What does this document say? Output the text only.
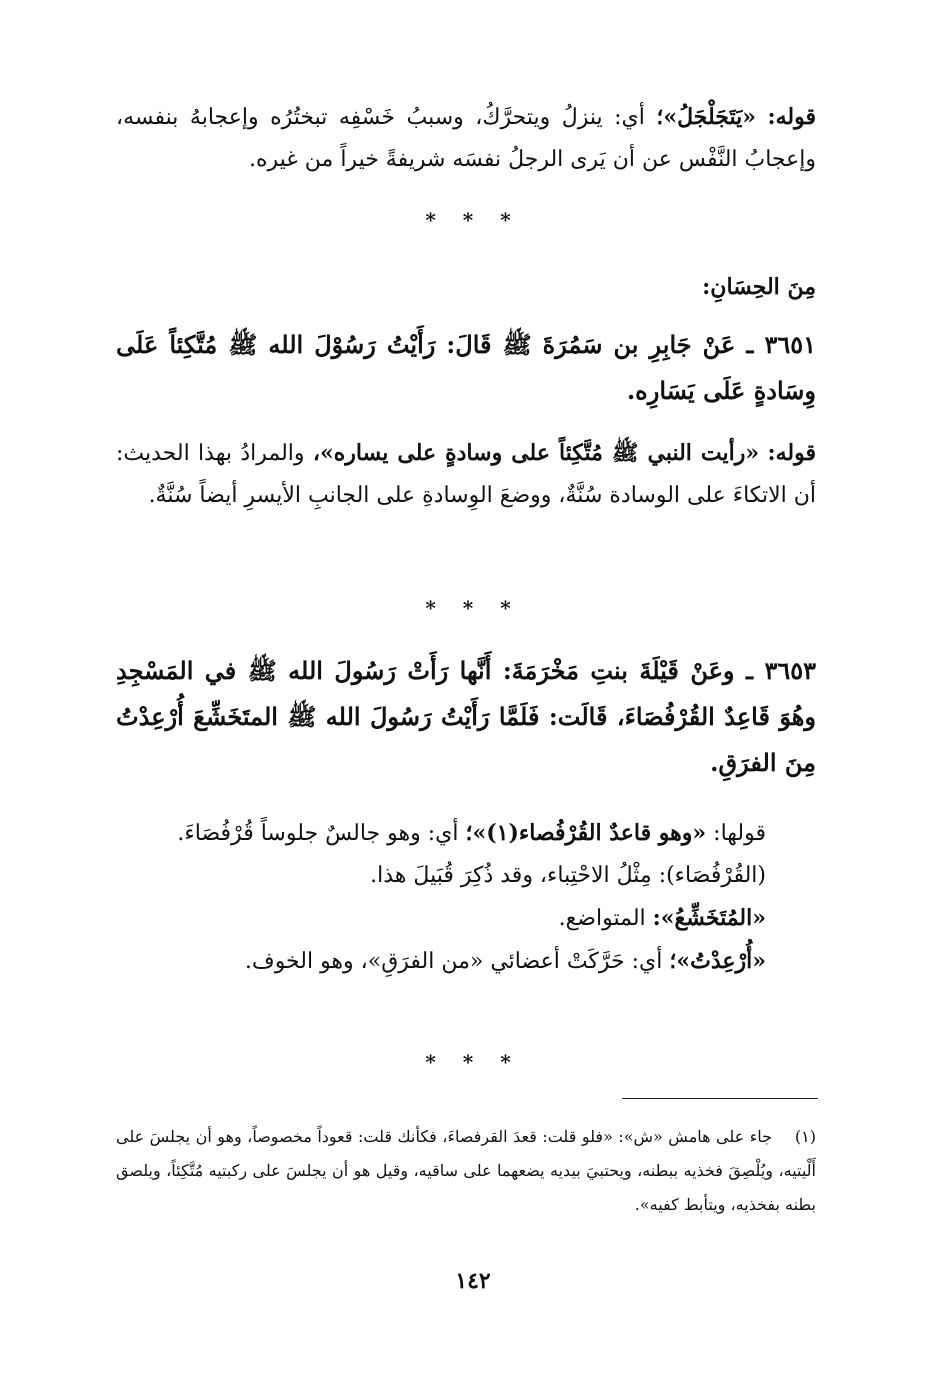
قوله: «يَتَجَلْجَلُ»؛ أي: ينزلُ ويتحرَّكُ، وسببُ خَسْفِه تبختُرُه وإعجابهُ بنفسه، وإعجابُ النَّفْس عن أن يَرى الرجلُ نفسَه شريفةً خيراً من غيره.

* * *

مِنَ الحِسَانِ:

٣٦٥١ ـ عَنْ جَابِرِ بن سَمُرَةَ ﷺ قَالَ: رَأَيْتُ رَسُوْلَ الله ﷺ مُتَّكِئاً عَلَى وِسَادةٍ عَلَى يَسَارِه.

قوله: «رأيت النبي ﷺ مُتَّكِئاً على وسادةٍ على يساره»، والمرادُ بهذا الحديث: أن الاتكاءَ على الوسادة سُنَّةٌ، ووضعَ الوِسادةِ على الجانبِ الأيسرِ أيضاً سُنَّةٌ.

* * *

٣٦٥٣ ـ وعَنْ قَيْلَةَ بنتِ مَخْرَمَةَ: أَنَّها رَأَتْ رَسُولَ الله ﷺ في المَسْجِدِ وهُوَ قَاعِدٌ القُرْفُصَاءَ، قَالَت: فَلَمَّا رَأَيْتُ رَسُولَ الله ﷺ المتَخَشِّعَ أُرْعِدْتُ مِنَ الفرَقِ.

قولها: «وهو قاعدٌ القُرْفُصاء(١)»؛ أي: وهو جالسٌ جلوساً قُرْفُصَاءَ.

(القُرْفُصَاء): مِثْلُ الاحْتِباء، وقد ذُكِرَ قُبَيلَ هذا.

«المُتَخَشِّعُ»: المتواضع.

«أُرْعِدْتُ»؛ أي: حَرَّكَتْ أعضائي «من الفرَقِ»، وهو الخوف.

* * *

(١)جاء على هامش «ش»: «فلو قلت: قعدَ القرفصاءَ، فكأنك قلت: قعوداً مخصوصاً، وهو أن يجلسَ على أَلْيتيه، ويُلْصِقَ فخذيه ببطنه، ويحتبيَ بيديه يضعهما على ساقيه، وقيل هو أن يجلسَ على ركبتيه مُتَّكِئاً، ويلصق بطنه بفخذيه، ويتأبط كفيه».

١٤٢
